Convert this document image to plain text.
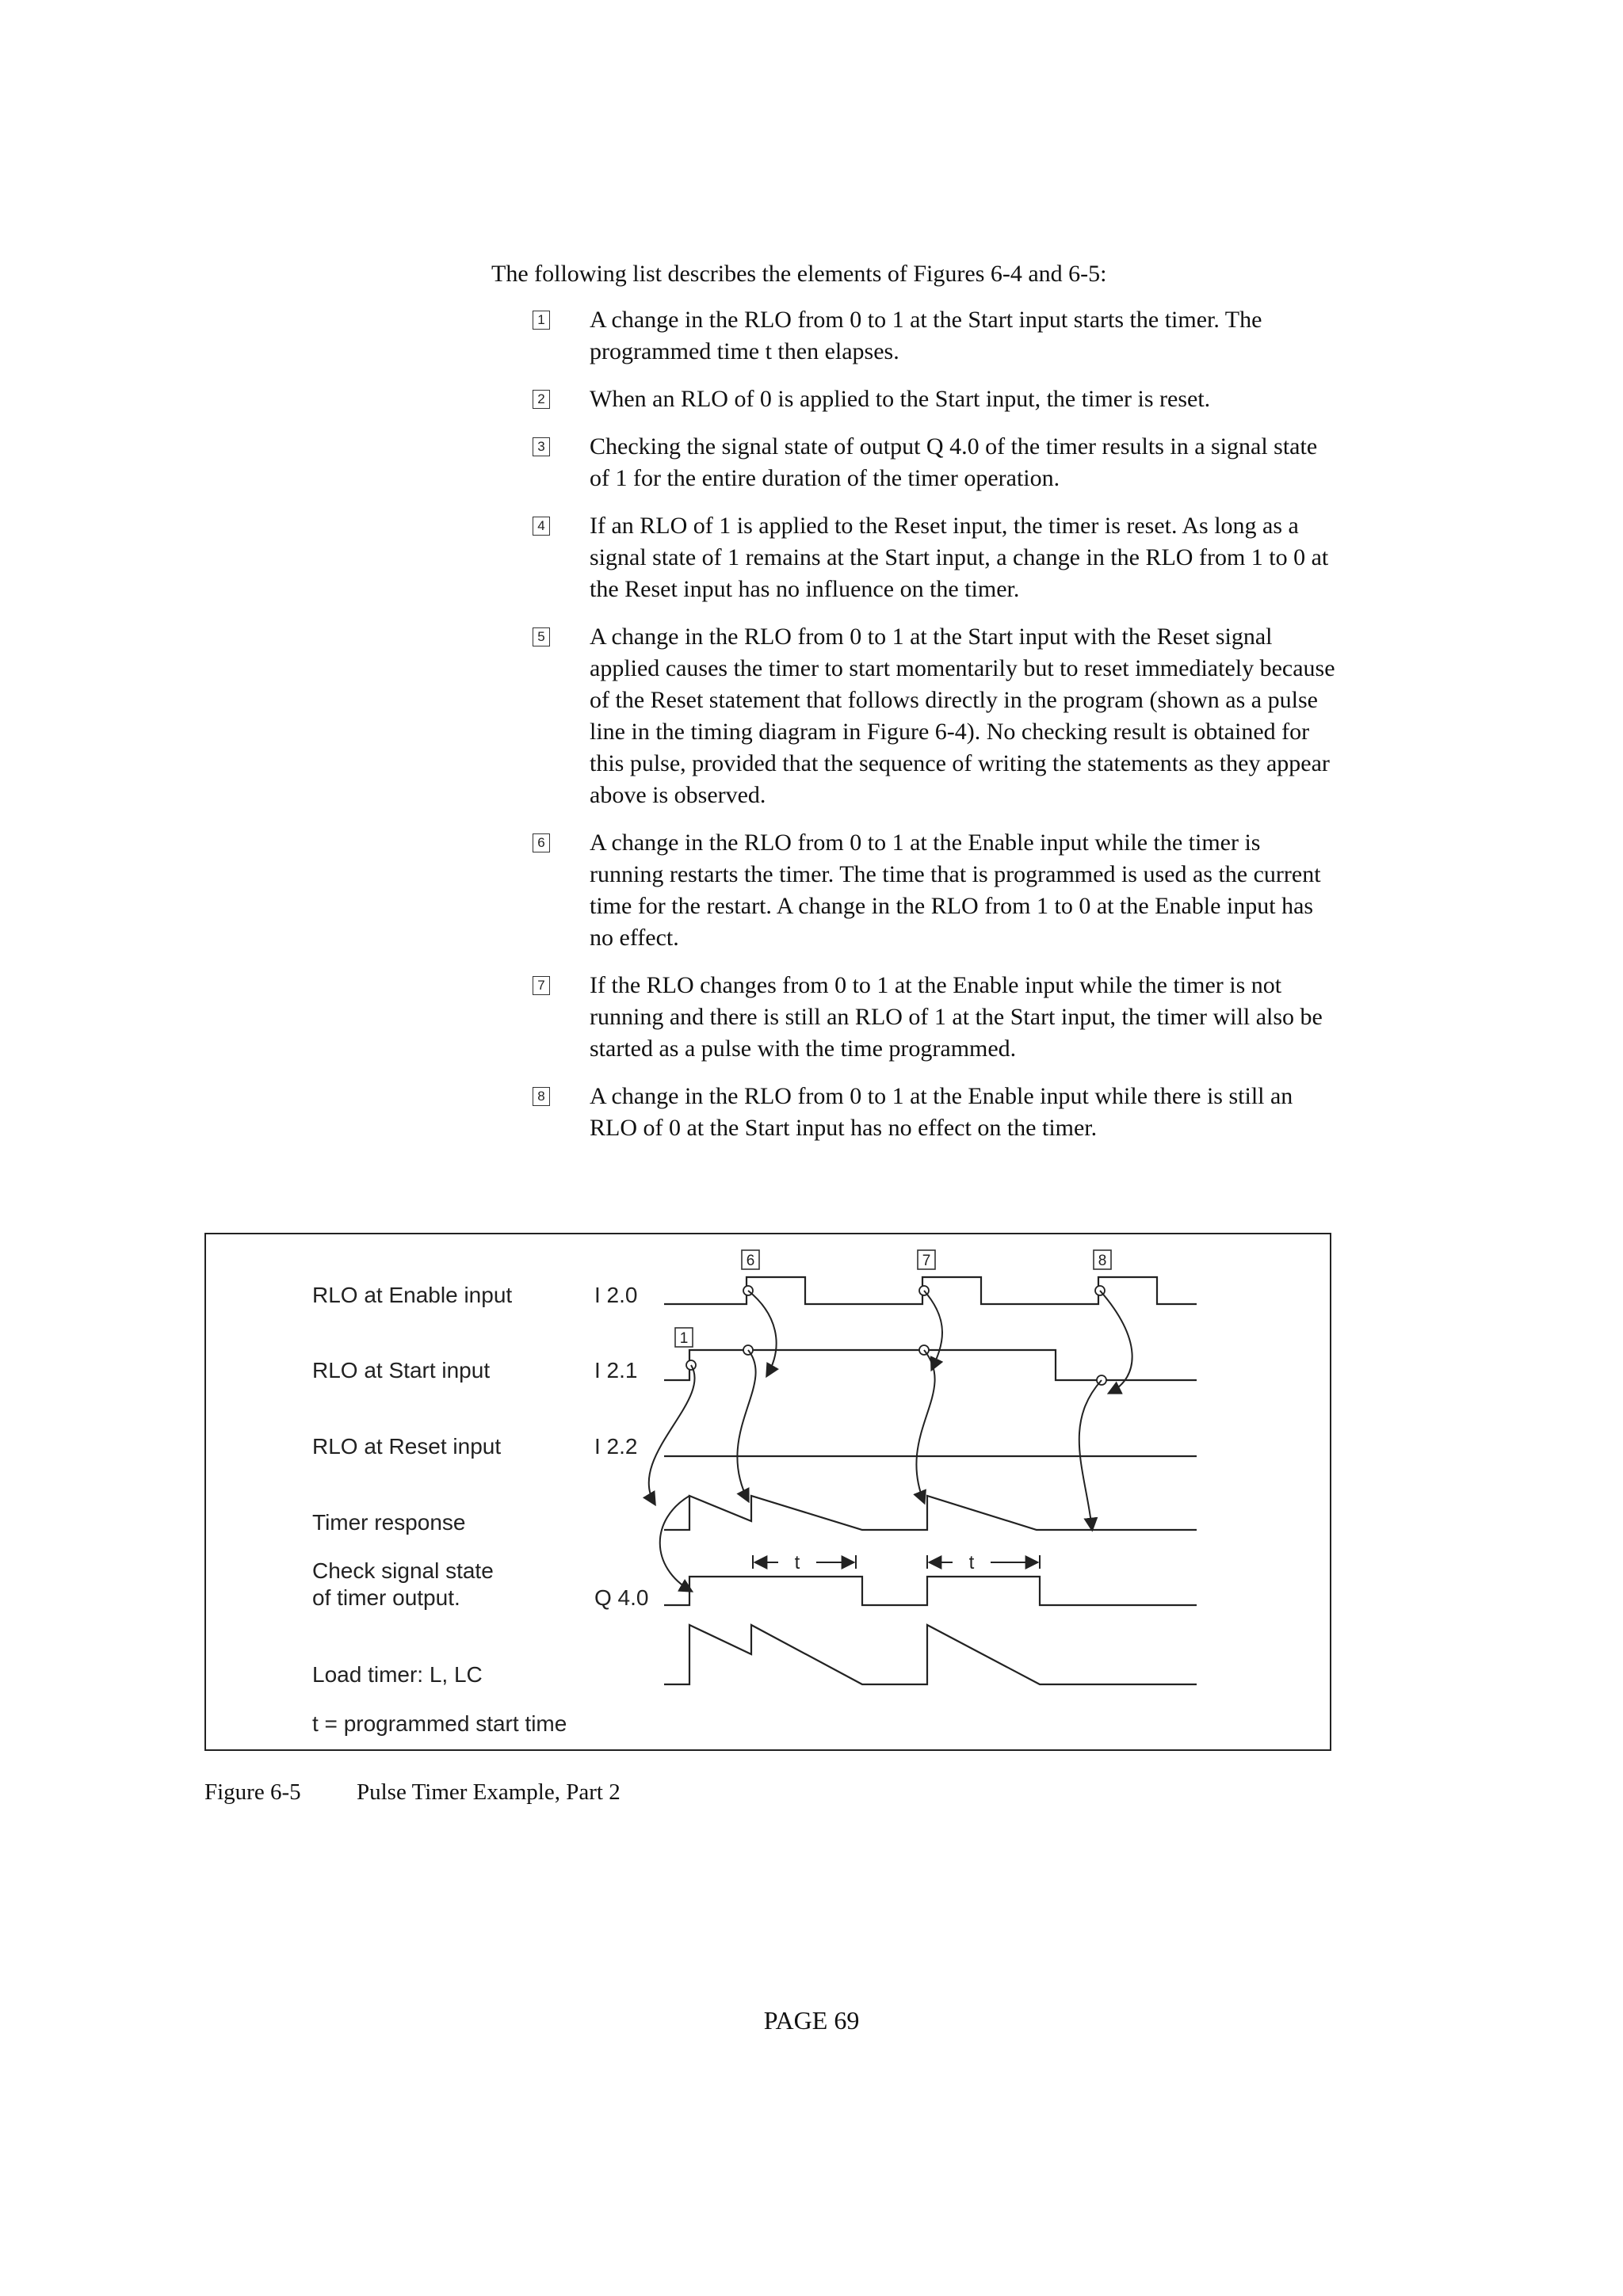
The following list describes the elements of Figures 6-4 and 6-5:

1 A change in the RLO from 0 to 1 at the Start input starts the timer. The programmed time t then elapses.
2 When an RLO of 0 is applied to the Start input, the timer is reset.
3 Checking the signal state of output Q 4.0 of the timer results in a signal state of 1 for the entire duration of the timer operation.
4 If an RLO of 1 is applied to the Reset input, the timer is reset. As long as a signal state of 1 remains at the Start input, a change in the RLO from 1 to 0 at the Reset input has no influence on the timer.
5 A change in the RLO from 0 to 1 at the Start input with the Reset signal applied causes the timer to start momentarily but to reset immediately because of the Reset statement that follows directly in the program (shown as a pulse line in the timing diagram in Figure 6-4). No checking result is obtained for this pulse, provided that the sequence of writing the statements as they appear above is observed.
6 A change in the RLO from 0 to 1 at the Enable input while the timer is running restarts the timer. The time that is programmed is used as the current time for the restart. A change in the RLO from 1 to 0 at the Enable input has no effect.
7 If the RLO changes from 0 to 1 at the Enable input while the timer is not running and there is still an RLO of 1 at the Start input, the timer will also be started as a pulse with the time programmed.
8 A change in the RLO from 0 to 1 at the Enable input while there is still an RLO of 0 at the Start input has no effect on the timer.
RLO at Enable input
RLO at Start input
RLO at Reset input
Timer response
Check signal state
of timer output.
Load timer: L, LC
t = programmed start time
I 2.0
I 2.1
I 2.2
Q 4.0
t	t
6	7	8
1
Figure 6-5 Pulse Timer Example, Part 2
PAGE 69
